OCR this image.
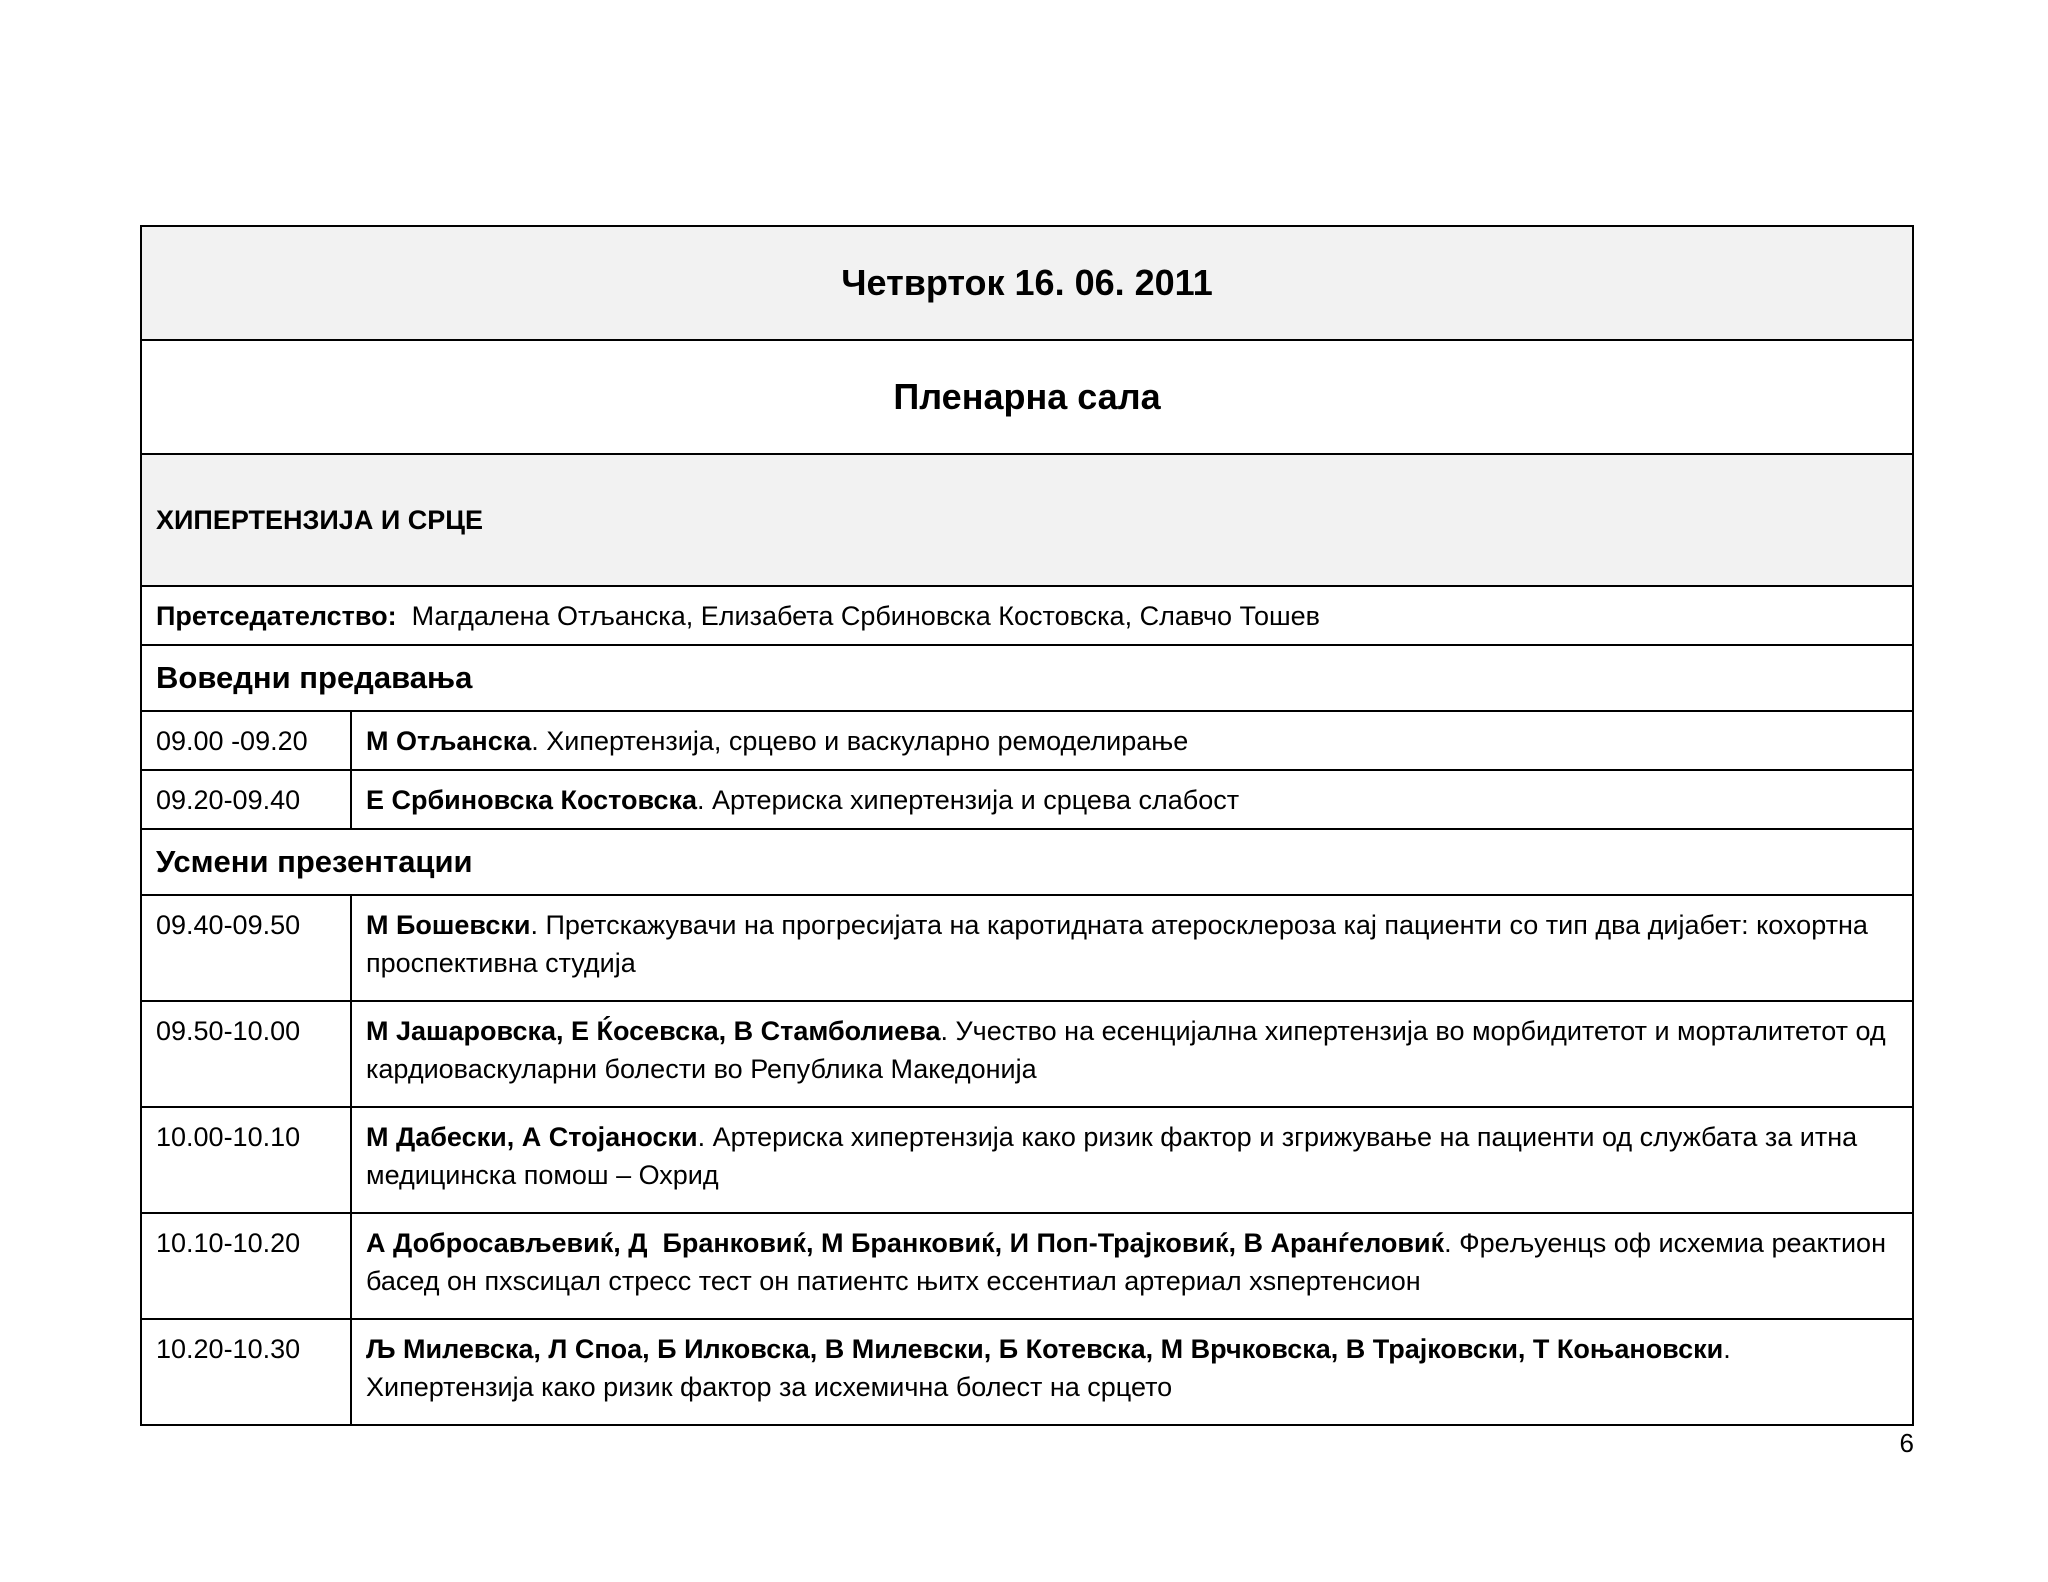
Четврток 16. 06. 2011	
Пленарна сала	
ХИПЕРТЕНЗИЈА И СРЦЕ	
Претседателство:  Магдалена Отљанска, Елизабета Србиновска Костовска, Славчо Тошев	
Воведни предавања	
09.00 -09.20	М Отљанска. Хипертензија, срцево и васкуларно ремоделирање
09.20-09.40	Е Србиновска Костовска. Артериска хипертензија и срцева слабост
Усмени презентации	
09.40-09.50	М Бошевски. Претскажувачи на прогресијата на каротидната атеросклероза кај пациенти со тип два дијабет: кохортна проспективна студија
09.50-10.00	М Јашаровска, Е Ќосевска, В Стамболиева. Учество на есенцијална хипертензија во морбидитетот и морталитетот од кардиоваскуларни болести во Република Македонија
10.00-10.10	М Дабески, А Стојаноски. Артериска хипертензија како ризик фактор и згрижување на пациенти од службата за итна медицинска помош – Охрид
10.10-10.20	А Добросављевиќ, Д  Бранковиќ, М Бранковиќ, И Поп-Трајковиќ, В Аранѓеловиќ. Фрељуенцѕ оф исхемиа реактион басед он пхѕсицал стресс тест он патиентс њитх ессентиал артериал хѕпертенсион
10.20-10.30	Љ Милевска, Л Споа, Б Илковска, В Милевски, Б Котевска, М Врчковска, В Трајковски, Т Коњановски. Хипертензија како ризик фактор за исхемична болест на срцето
6
